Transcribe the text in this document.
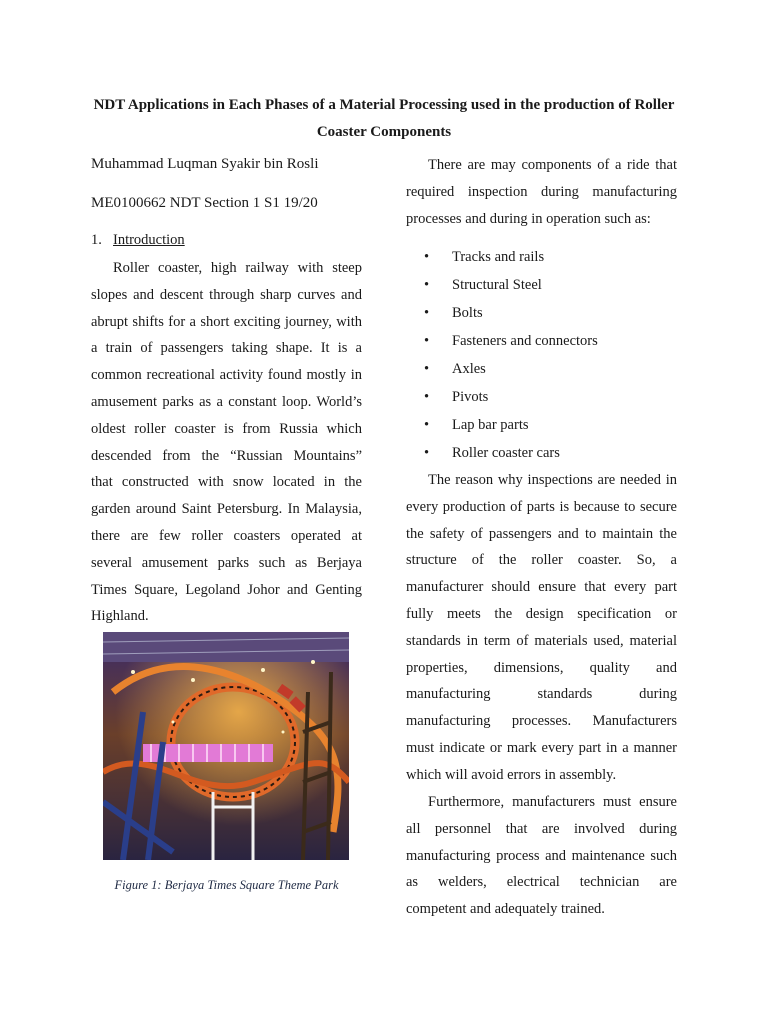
NDT Applications in Each Phases of a Material Processing used in the production of Roller
Coaster Components
Muhammad Luqman Syakir bin Rosli
ME0100662 NDT Section 1 S1 19/20
1. Introduction
Roller coaster, high railway with steep
slopes and descent through sharp curves and
abrupt shifts for a short exciting journey, with
a train of passengers taking shape. It is a
common recreational activity found mostly in
amusement parks as a constant loop. World’s
oldest roller coaster is from Russia which
descended from the “Russian Mountains”
that constructed with snow located in the
garden around Saint Petersburg. In Malaysia,
there are few roller coasters operated at
several amusement parks such as Berjaya
Times Square, Legoland Johor and Genting
Highland.
Figure 1: Berjaya Times Square Theme Park
There are may components of a ride that
required inspection during manufacturing
processes and during in operation such as:
• Tracks and rails
• Structural Steel
• Bolts
• Fasteners and connectors
• Axles
• Pivots
• Lap bar parts
• Roller coaster cars
The reason why inspections are needed in
every production of parts is because to secure
the safety of passengers and to maintain the
structure of the roller coaster. So, a
manufacturer should ensure that every part
fully meets the design specification or
standards in term of materials used, material
properties, dimensions, quality and
manufacturing standards during
manufacturing processes. Manufacturers
must indicate or mark every part in a manner
which will avoid errors in assembly.
Furthermore, manufacturers must ensure
all personnel that are involved during
manufacturing process and maintenance such
as welders, electrical technician are
competent and adequately trained.
